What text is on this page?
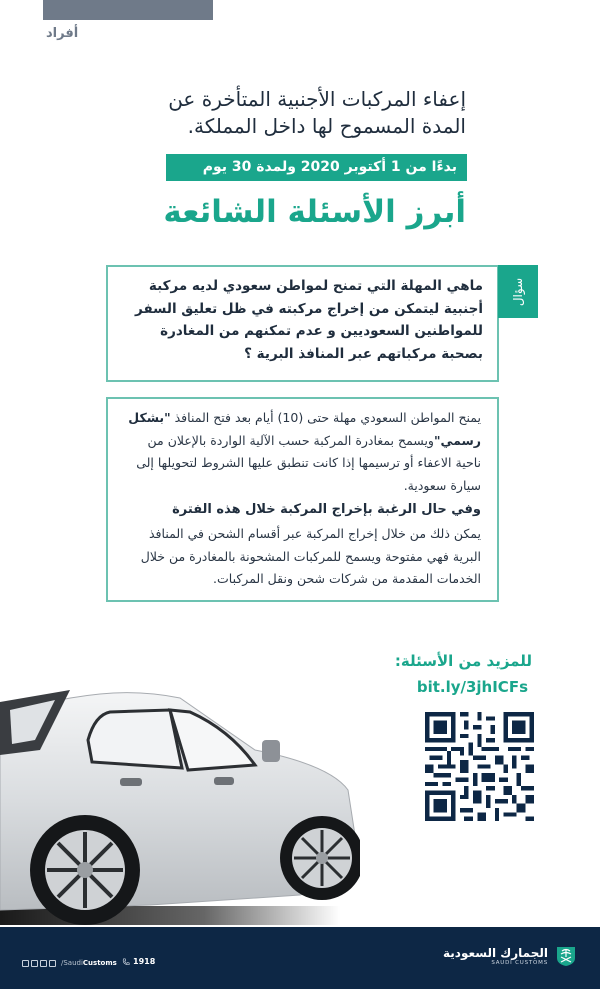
أفراد
إعفاء المركبات الأجنبية المتأخرة عن
المدة المسموح لها داخل المملكة.
بدءًا من 1 أكتوبر 2020 ولمدة 30 يوم
أبرز الأسئلة الشائعة
ماهي المهلة التي تمنح لمواطن سعودي لديه مركبة أجنبية ليتمكن من إخراج مركبته في ظل تعليق السفر للمواطنين السعوديين و عدم تمكنهم من المغادرة بصحبة مركباتهم عبر المنافذ البرية ؟
سؤال
يمنح المواطن السعودي مهلة حتى (10) أيام بعد فتح المنافذ "بشكل رسمي"ويسمح بمغادرة المركبة حسب الآلية الواردة بالإعلان من ناحية الاعفاء أو ترسيمها إذا كانت تنطبق عليها الشروط لتحويلها إلى سيارة سعودية.
وفي حال الرغبة بإخراج المركبة خلال هذه الفترة
يمكن ذلك من خلال إخراج المركبة عبر أقسام الشحن في المنافذ البرية فهي مفتوحة ويسمح للمركبات المشحونة بالمغادرة من خلال الخدمات المقدمة من شركات شحن ونقل المركبات.
للمزيد من الأسئلة:
bit.ly/3jhICFs
/SaudiCustoms 1918
الجمارك السعودية
SAUDI CUSTOMS
